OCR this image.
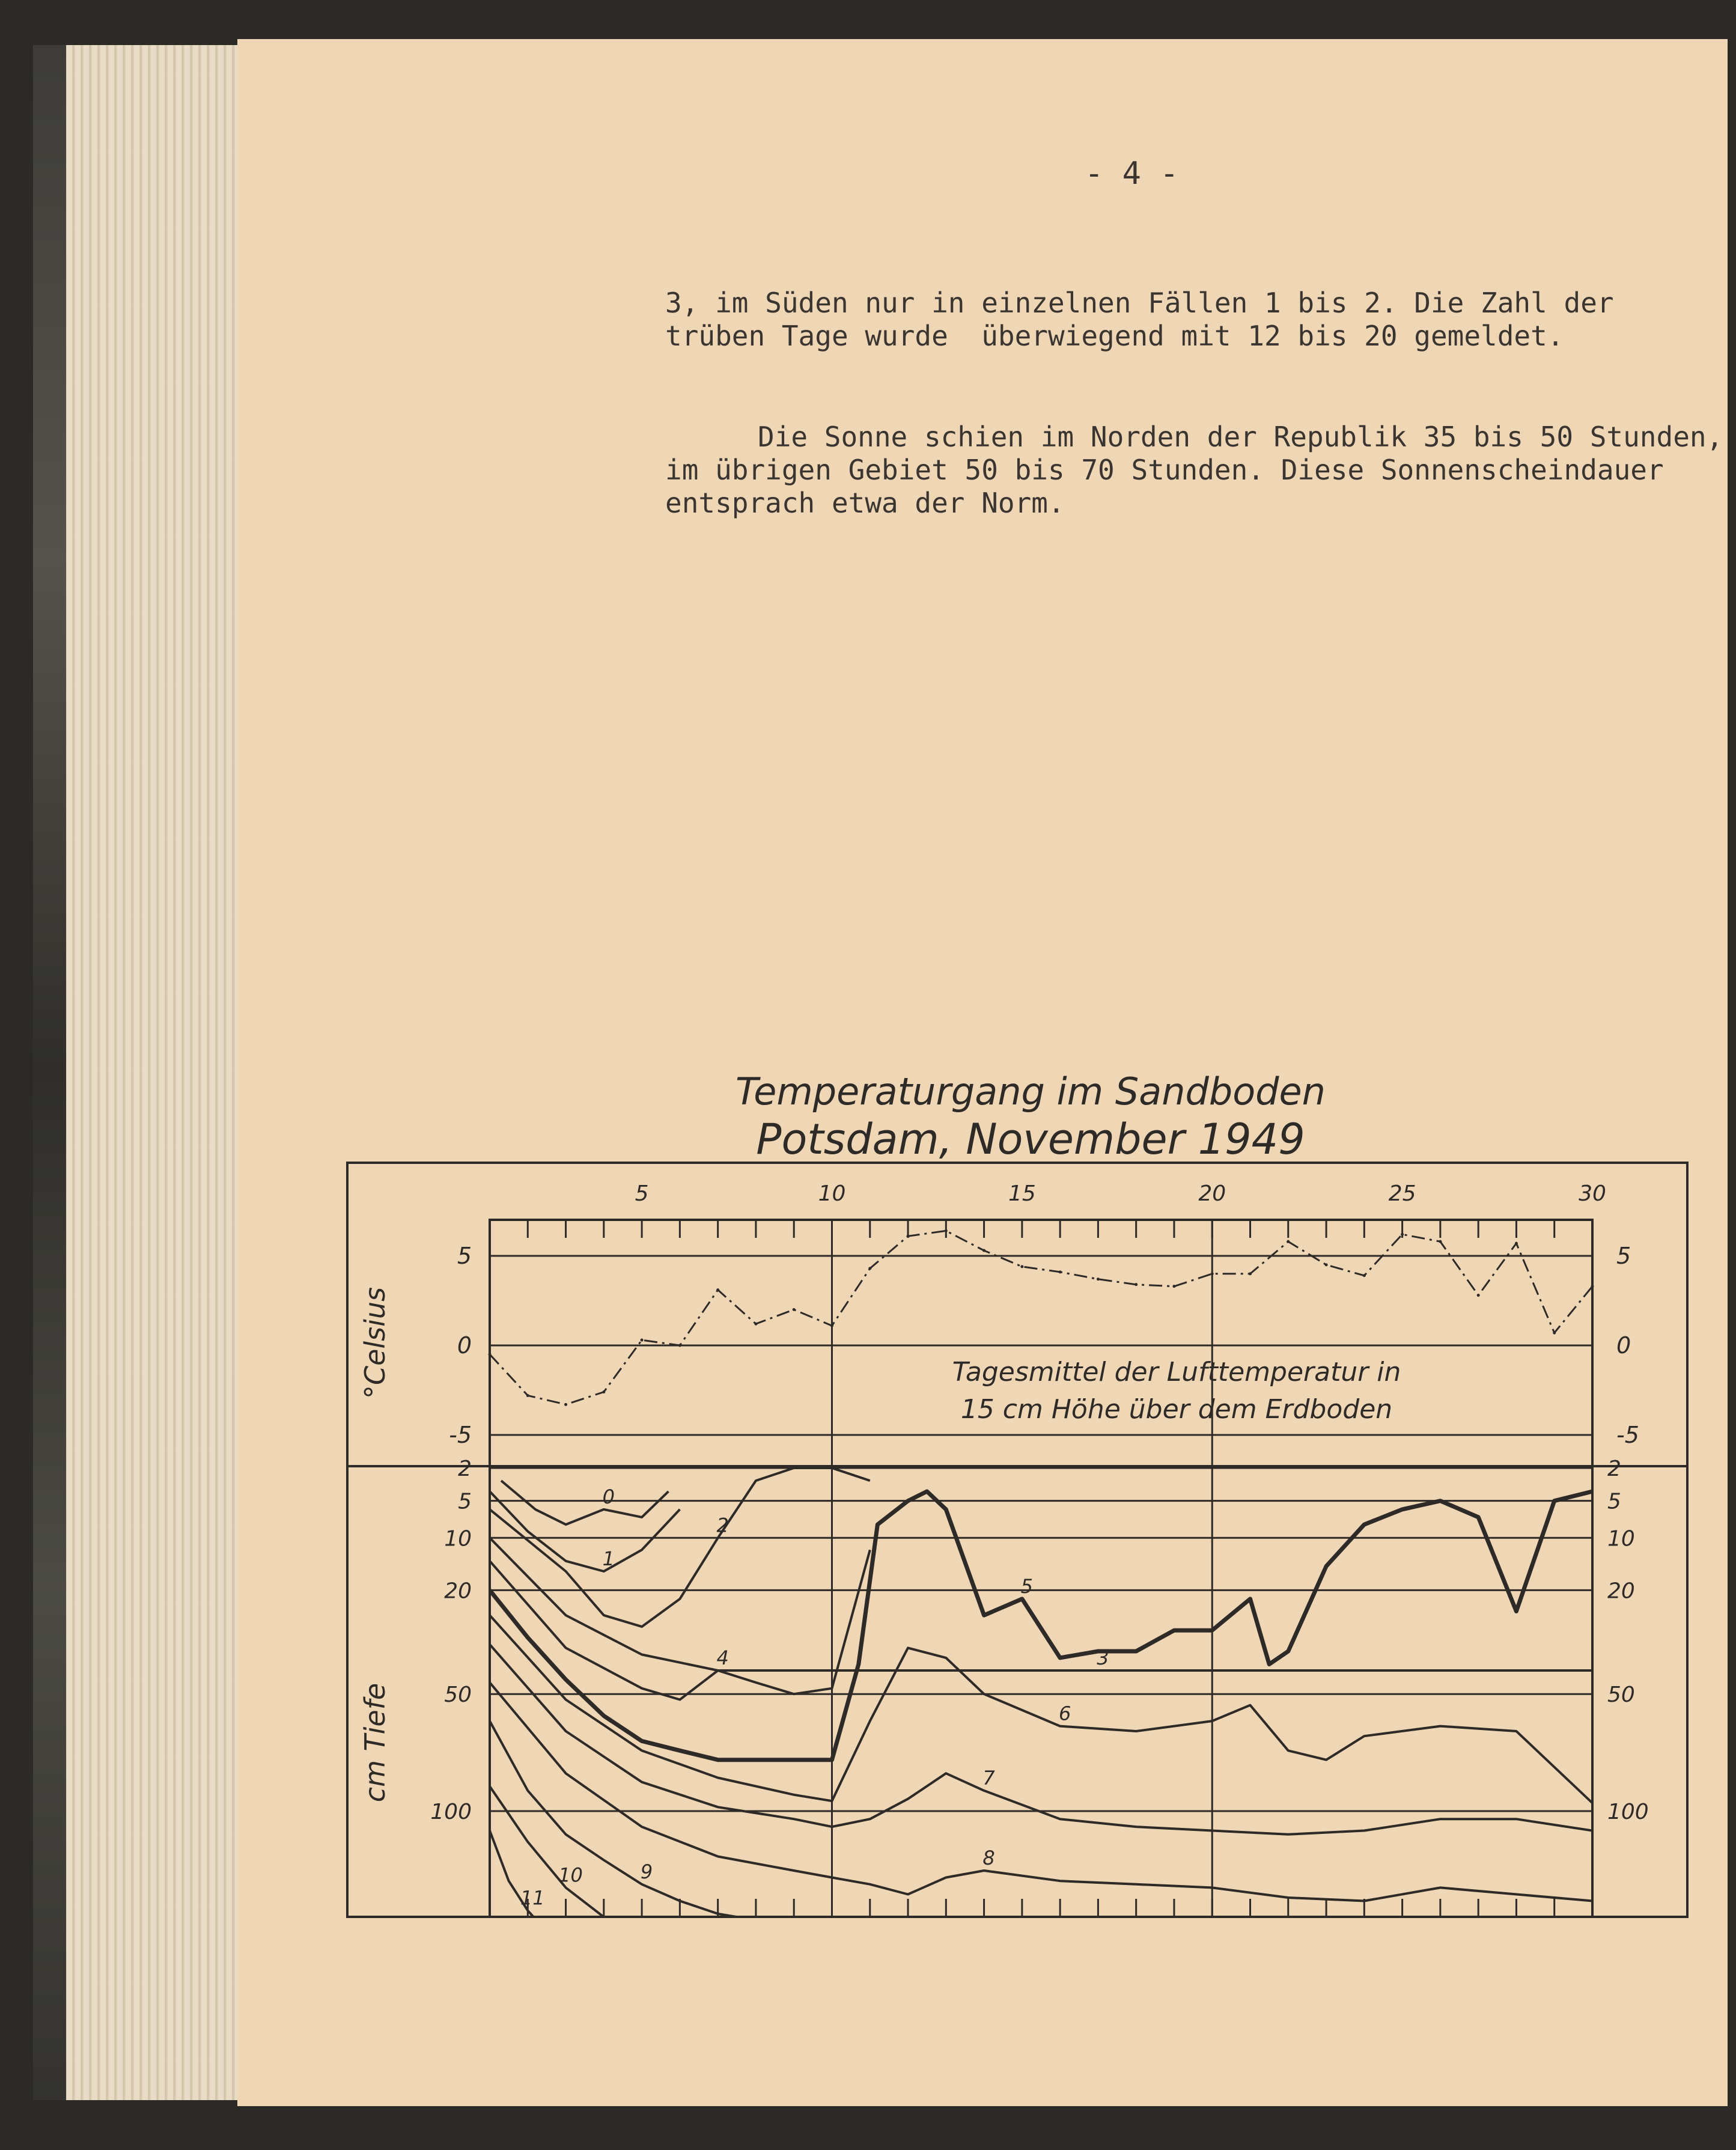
- 4 -

3, im Süden nur in einzelnen Fällen 1 bis 2. Die Zahl der

trüben Tage wurde  überwiegend mit 12 bis 20 gemeldet.

Die Sonne schien im Norden der Republik 35 bis 50 Stunden,

im übrigen Gebiet 50 bis 70 Stunden. Diese Sonnenscheindauer

entsprach etwa der Norm.

Temperaturgang im Sandboden
Potsdam, November 1949
5	10	15	20	25	30
5	5
0	0
-5	-5
2	2
5	5
10	10
20	20
50	50
100	100
°Celsius
cm Tiefe
Tagesmittel der Lufttemperatur in
15 cm Höhe über dem Erdboden
0
1
2
3
4
5
6
7
8
9
10
11
